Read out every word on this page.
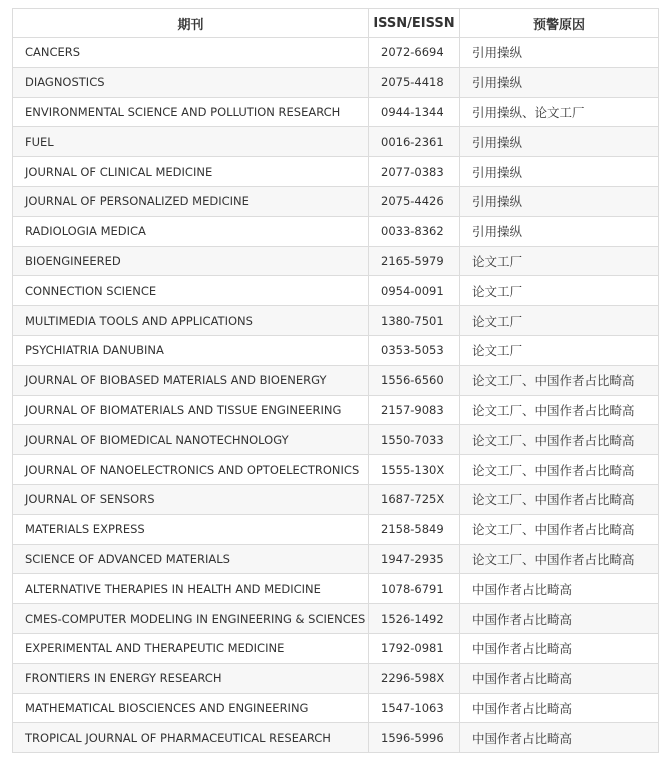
期刊	ISSN/EISSN	预警原因
CANCERS	2072-6694	引用操纵
DIAGNOSTICS	2075-4418	引用操纵
ENVIRONMENTAL SCIENCE AND POLLUTION RESEARCH	0944-1344	引用操纵、论文工厂
FUEL	0016-2361	引用操纵
JOURNAL OF CLINICAL MEDICINE	2077-0383	引用操纵
JOURNAL OF PERSONALIZED MEDICINE	2075-4426	引用操纵
RADIOLOGIA MEDICA	0033-8362	引用操纵
BIOENGINEERED	2165-5979	论文工厂
CONNECTION SCIENCE	0954-0091	论文工厂
MULTIMEDIA TOOLS AND APPLICATIONS	1380-7501	论文工厂
PSYCHIATRIA DANUBINA	0353-5053	论文工厂
JOURNAL OF BIOBASED MATERIALS AND BIOENERGY	1556-6560	论文工厂、中国作者占比畸高
JOURNAL OF BIOMATERIALS AND TISSUE ENGINEERING	2157-9083	论文工厂、中国作者占比畸高
JOURNAL OF BIOMEDICAL NANOTECHNOLOGY	1550-7033	论文工厂、中国作者占比畸高
JOURNAL OF NANOELECTRONICS AND OPTOELECTRONICS	1555-130X	论文工厂、中国作者占比畸高
JOURNAL OF SENSORS	1687-725X	论文工厂、中国作者占比畸高
MATERIALS EXPRESS	2158-5849	论文工厂、中国作者占比畸高
SCIENCE OF ADVANCED MATERIALS	1947-2935	论文工厂、中国作者占比畸高
ALTERNATIVE THERAPIES IN HEALTH AND MEDICINE	1078-6791	中国作者占比畸高
CMES-COMPUTER MODELING IN ENGINEERING & SCIENCES	1526-1492	中国作者占比畸高
EXPERIMENTAL AND THERAPEUTIC MEDICINE	1792-0981	中国作者占比畸高
FRONTIERS IN ENERGY RESEARCH	2296-598X	中国作者占比畸高
MATHEMATICAL BIOSCIENCES AND ENGINEERING	1547-1063	中国作者占比畸高
TROPICAL JOURNAL OF PHARMACEUTICAL RESEARCH	1596-5996	中国作者占比畸高
